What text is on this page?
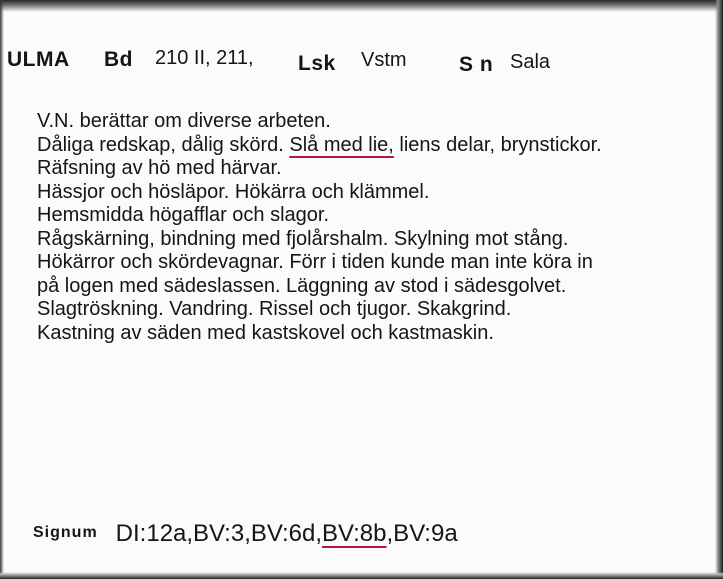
ULMA Bd 210 II, 211, Lsk Vstm S n Sala
V.N. berättar om diverse arbeten.
Dåliga redskap, dålig skörd. Slå med lie, liens delar, brynstickor.
Räfsning av hö med härvar.
Hässjor och hösläpor. Hökärra och klämmel.
Hemsmidda högafflar och slagor.
Rågskärning, bindning med fjolårshalm. Skylning mot stång.
Hökärror och skördevagnar. Förr i tiden kunde man inte köra in
på logen med sädeslassen. Läggning av stod i sädesgolvet.
Slagtröskning. Vandring. Rissel och tjugor. Skakgrind.
Kastning av säden med kastskovel och kastmaskin.
Signum DI:12a,BV:3,BV:6d,BV:8b,BV:9a
